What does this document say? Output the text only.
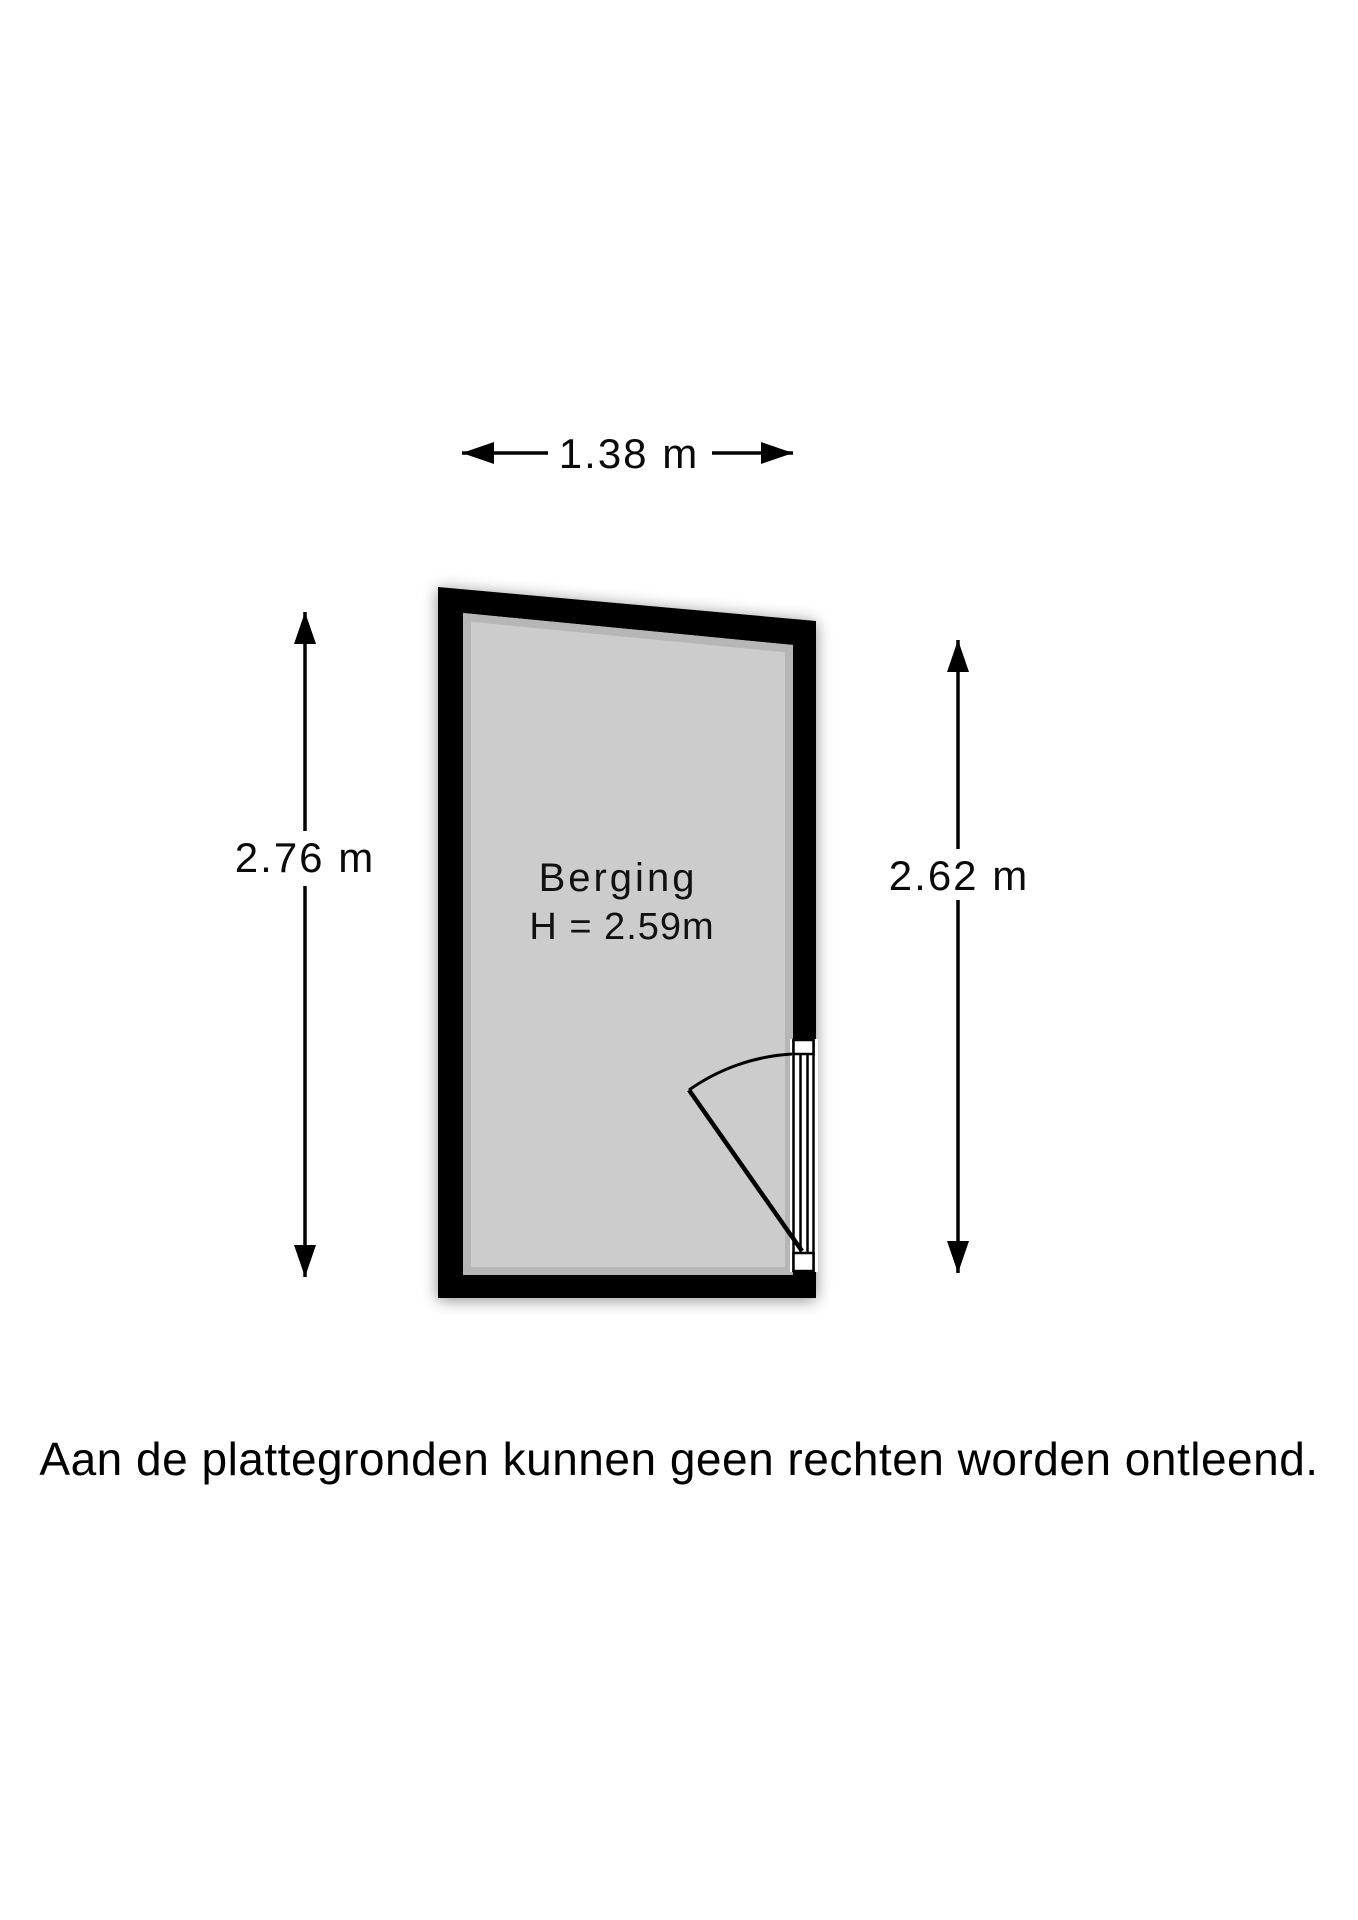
1.38 m
2.76 m	2.62 m
Berging
H = 2.59m
Aan de plattegronden kunnen geen rechten worden ontleend.
